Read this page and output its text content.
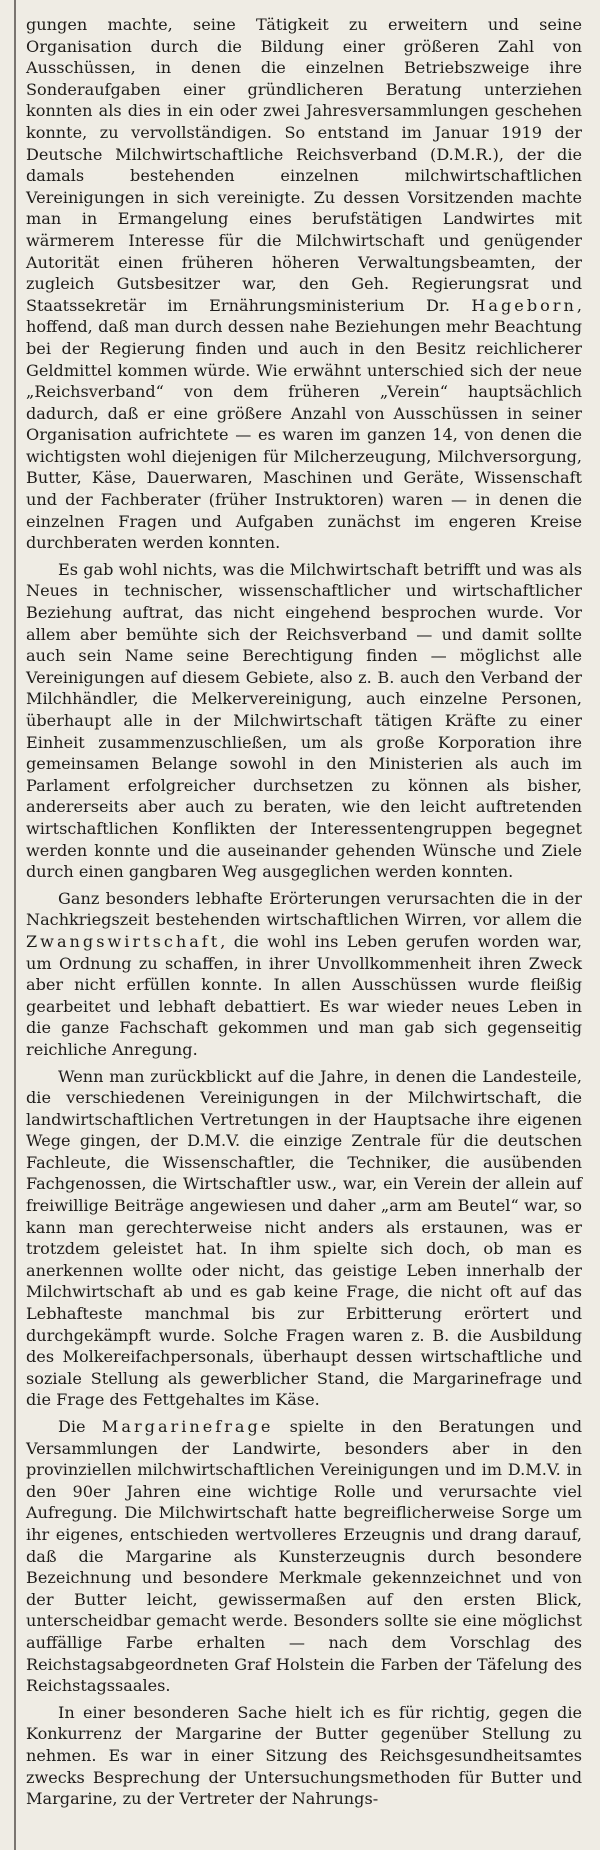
gungen machte, seine Tätigkeit zu erweitern und seine Organisation durch die Bildung einer größeren Zahl von Ausschüssen, in denen die einzelnen Betriebszweige ihre Sonderaufgaben einer gründlicheren Beratung unterziehen konnten als dies in ein oder zwei Jahresversammlungen geschehen konnte, zu vervollständigen. So entstand im Januar 1919 der Deutsche Milchwirtschaftliche Reichsverband (D.M.R.), der die damals bestehenden einzelnen milchwirtschaftlichen Vereinigungen in sich vereinigte. Zu dessen Vorsitzenden machte man in Ermangelung eines berufstätigen Landwirtes mit wärmerem Interesse für die Milchwirtschaft und genügender Autorität einen früheren höheren Verwaltungsbeamten, der zugleich Gutsbesitzer war, den Geh. Regierungsrat und Staatssekretär im Ernährungsministerium Dr. Hageborn, hoffend, daß man durch dessen nahe Beziehungen mehr Beachtung bei der Regierung finden und auch in den Besitz reichlicherer Geldmittel kommen würde. Wie erwähnt unterschied sich der neue „Reichsverband“ von dem früheren „Verein“ hauptsächlich dadurch, daß er eine größere Anzahl von Ausschüssen in seiner Organisation aufrichtete — es waren im ganzen 14, von denen die wichtigsten wohl diejenigen für Milcherzeugung, Milchversorgung, Butter, Käse, Dauerwaren, Maschinen und Geräte, Wissenschaft und der Fachberater (früher Instruktoren) waren — in denen die einzelnen Fragen und Aufgaben zunächst im engeren Kreise durchberaten werden konnten.

Es gab wohl nichts, was die Milchwirtschaft betrifft und was als Neues in technischer, wissenschaftlicher und wirtschaftlicher Beziehung auftrat, das nicht eingehend besprochen wurde. Vor allem aber bemühte sich der Reichsverband — und damit sollte auch sein Name seine Berechtigung finden — möglichst alle Vereinigungen auf diesem Gebiete, also z. B. auch den Verband der Milchhändler, die Melkervereinigung, auch einzelne Personen, überhaupt alle in der Milchwirtschaft tätigen Kräfte zu einer Einheit zusammenzuschließen, um als große Korporation ihre gemeinsamen Belange sowohl in den Ministerien als auch im Parlament erfolgreicher durchsetzen zu können als bisher, andererseits aber auch zu beraten, wie den leicht auftretenden wirtschaftlichen Konflikten der Interessentengruppen begegnet werden konnte und die auseinander gehenden Wünsche und Ziele durch einen gangbaren Weg ausgeglichen werden konnten.

Ganz besonders lebhafte Erörterungen verursachten die in der Nachkriegszeit bestehenden wirtschaftlichen Wirren, vor allem die Zwangswirtschaft, die wohl ins Leben gerufen worden war, um Ordnung zu schaffen, in ihrer Unvollkommenheit ihren Zweck aber nicht erfüllen konnte. In allen Ausschüssen wurde fleißig gearbeitet und lebhaft debattiert. Es war wieder neues Leben in die ganze Fachschaft gekommen und man gab sich gegenseitig reichliche Anregung.

Wenn man zurückblickt auf die Jahre, in denen die Landesteile, die verschiedenen Vereinigungen in der Milchwirtschaft, die landwirtschaftlichen Vertretungen in der Hauptsache ihre eigenen Wege gingen, der D.M.V. die einzige Zentrale für die deutschen Fachleute, die Wissenschaftler, die Techniker, die ausübenden Fachgenossen, die Wirtschaftler usw., war, ein Verein der allein auf freiwillige Beiträge angewiesen und daher „arm am Beutel“ war, so kann man gerechterweise nicht anders als erstaunen, was er trotzdem geleistet hat. In ihm spielte sich doch, ob man es anerkennen wollte oder nicht, das geistige Leben innerhalb der Milchwirtschaft ab und es gab keine Frage, die nicht oft auf das Lebhafteste manchmal bis zur Erbitterung erörtert und durchgekämpft wurde. Solche Fragen waren z. B. die Ausbildung des Molkereifachpersonals, überhaupt dessen wirtschaftliche und soziale Stellung als gewerblicher Stand, die Margarinefrage und die Frage des Fettgehaltes im Käse.

Die Margarinefrage spielte in den Beratungen und Versammlungen der Landwirte, besonders aber in den provinziellen milchwirtschaftlichen Vereinigungen und im D.M.V. in den 90er Jahren eine wichtige Rolle und verursachte viel Aufregung. Die Milchwirtschaft hatte begreiflicherweise Sorge um ihr eigenes, entschieden wertvolleres Erzeugnis und drang darauf, daß die Margarine als Kunsterzeugnis durch besondere Bezeichnung und besondere Merkmale gekennzeichnet und von der Butter leicht, gewissermaßen auf den ersten Blick, unterscheidbar gemacht werde. Besonders sollte sie eine möglichst auffällige Farbe erhalten — nach dem Vorschlag des Reichstagsabgeordneten Graf Holstein die Farben der Täfelung des Reichstagssaales.

In einer besonderen Sache hielt ich es für richtig, gegen die Konkurrenz der Margarine der Butter gegenüber Stellung zu nehmen. Es war in einer Sitzung des Reichsgesundheitsamtes zwecks Besprechung der Untersuchungsmethoden für Butter und Margarine, zu der Vertreter der Nahrungs-
